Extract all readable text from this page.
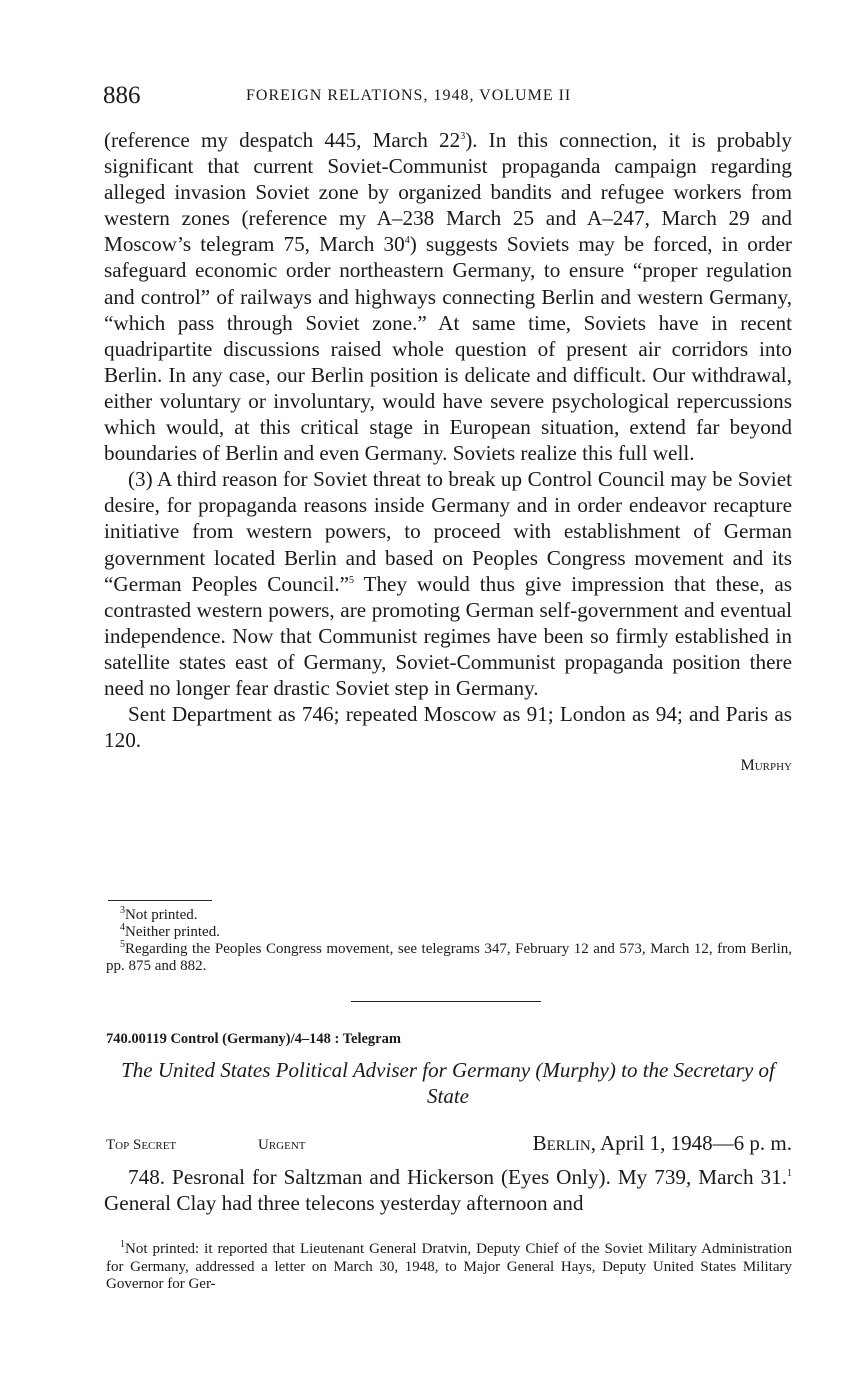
886	FOREIGN RELATIONS, 1948, VOLUME II

(reference my despatch 445, March $22^3$). In this connection, it is probably significant that current Soviet-Communist propaganda campaign regarding alleged invasion Soviet zone by organized bandits and refugee workers from western zones (reference my A–238 March 25 and A–247, March 29 and Moscow’s telegram 75, March $30^4$) suggests Soviets may be forced, in order safeguard economic order northeastern Germany, to ensure “proper regulation and control” of railways and highways connecting Berlin and western Germany, “which pass through Soviet zone.” At same time, Soviets have in recent quadripartite discussions raised whole question of present air corridors into Berlin. In any case, our Berlin position is delicate and difficult. Our withdrawal, either voluntary or involuntary, would have severe psychological repercussions which would, at this critical stage in European situation, extend far beyond boundaries of Berlin and even Germany. Soviets realize this full well.

(3) A third reason for Soviet threat to break up Control Council may be Soviet desire, for propaganda reasons inside Germany and in order endeavor recapture initiative from western powers, to proceed with establishment of German government located Berlin and based on Peoples Congress movement and its “German Peoples Council.”$^5$ They would thus give impression that these, as contrasted western powers, are promoting German self-government and eventual independence. Now that Communist regimes have been so firmly established in satellite states east of Germany, Soviet-Communist propaganda position there need no longer fear drastic Soviet step in Germany.

Sent Department as 746; repeated Moscow as 91; London as 94; and Paris as 120.

Murphy

$^3$Not printed.

$^4$Neither printed.

$^5$Regarding the Peoples Congress movement, see telegrams 347, February 12 and 573, March 12, from Berlin, pp. 875 and 882.

740.00119 Control (Germany)/4–148 : Telegram
The United States Political Adviser for Germany (Murphy) to the Secretary of State
Top Secret	Urgent	Berlin, April 1, 1948—6 p. m.

748. Pesronal for Saltzman and Hickerson (Eyes Only). My 739, March 31.$^1$ General Clay had three telecons yesterday afternoon and

$^1$Not printed: it reported that Lieutenant General Dratvin, Deputy Chief of the Soviet Military Administration for Germany, addressed a letter on March 30, 1948, to Major General Hays, Deputy United States Military Governor for Ger-
